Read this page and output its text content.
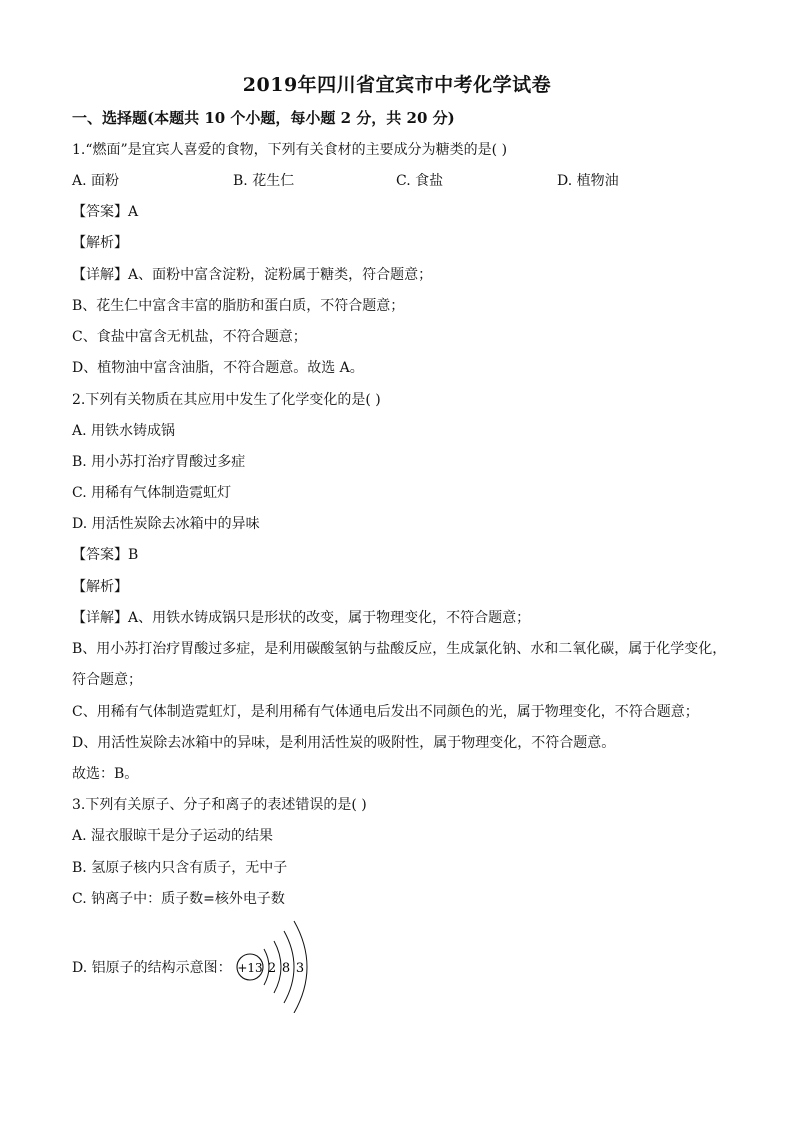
2019年四川省宜宾市中考化学试卷
一、选择题(本题共 10 个小题，每小题 2 分，共 20 分)
1.“燃面”是宜宾人喜爱的食物，下列有关食材的主要成分为糖类的是( )
A. 面粉	B. 花生仁	C. 食盐	D. 植物油
【答案】A
【解析】
【详解】A、面粉中富含淀粉，淀粉属于糖类，符合题意；
B、花生仁中富含丰富的脂肪和蛋白质，不符合题意；
C、食盐中富含无机盐，不符合题意；
D、植物油中富含油脂，不符合题意。故选 A。
2.下列有关物质在其应用中发生了化学变化的是( )
A. 用铁水铸成锅
B. 用小苏打治疗胃酸过多症
C. 用稀有气体制造霓虹灯
D. 用活性炭除去冰箱中的异味
【答案】B
【解析】
【详解】A、用铁水铸成锅只是形状的改变，属于物理变化，不符合题意；
B、用小苏打治疗胃酸过多症，是利用碳酸氢钠与盐酸反应，生成氯化钠、水和二氧化碳，属于化学变化，
符合题意；
C、用稀有气体制造霓虹灯，是利用稀有气体通电后发出不同颜色的光，属于物理变化，不符合题意；
D、用活性炭除去冰箱中的异味，是利用活性炭的吸附性，属于物理变化，不符合题意。
故选：B。
3.下列有关原子、分子和离子的表述错误的是( )
A. 湿衣服晾干是分子运动的结果
B. 氢原子核内只含有质子，无中子
C. 钠离子中：质子数=核外电子数
D. 铝原子的结构示意图： +13 2 8 3
